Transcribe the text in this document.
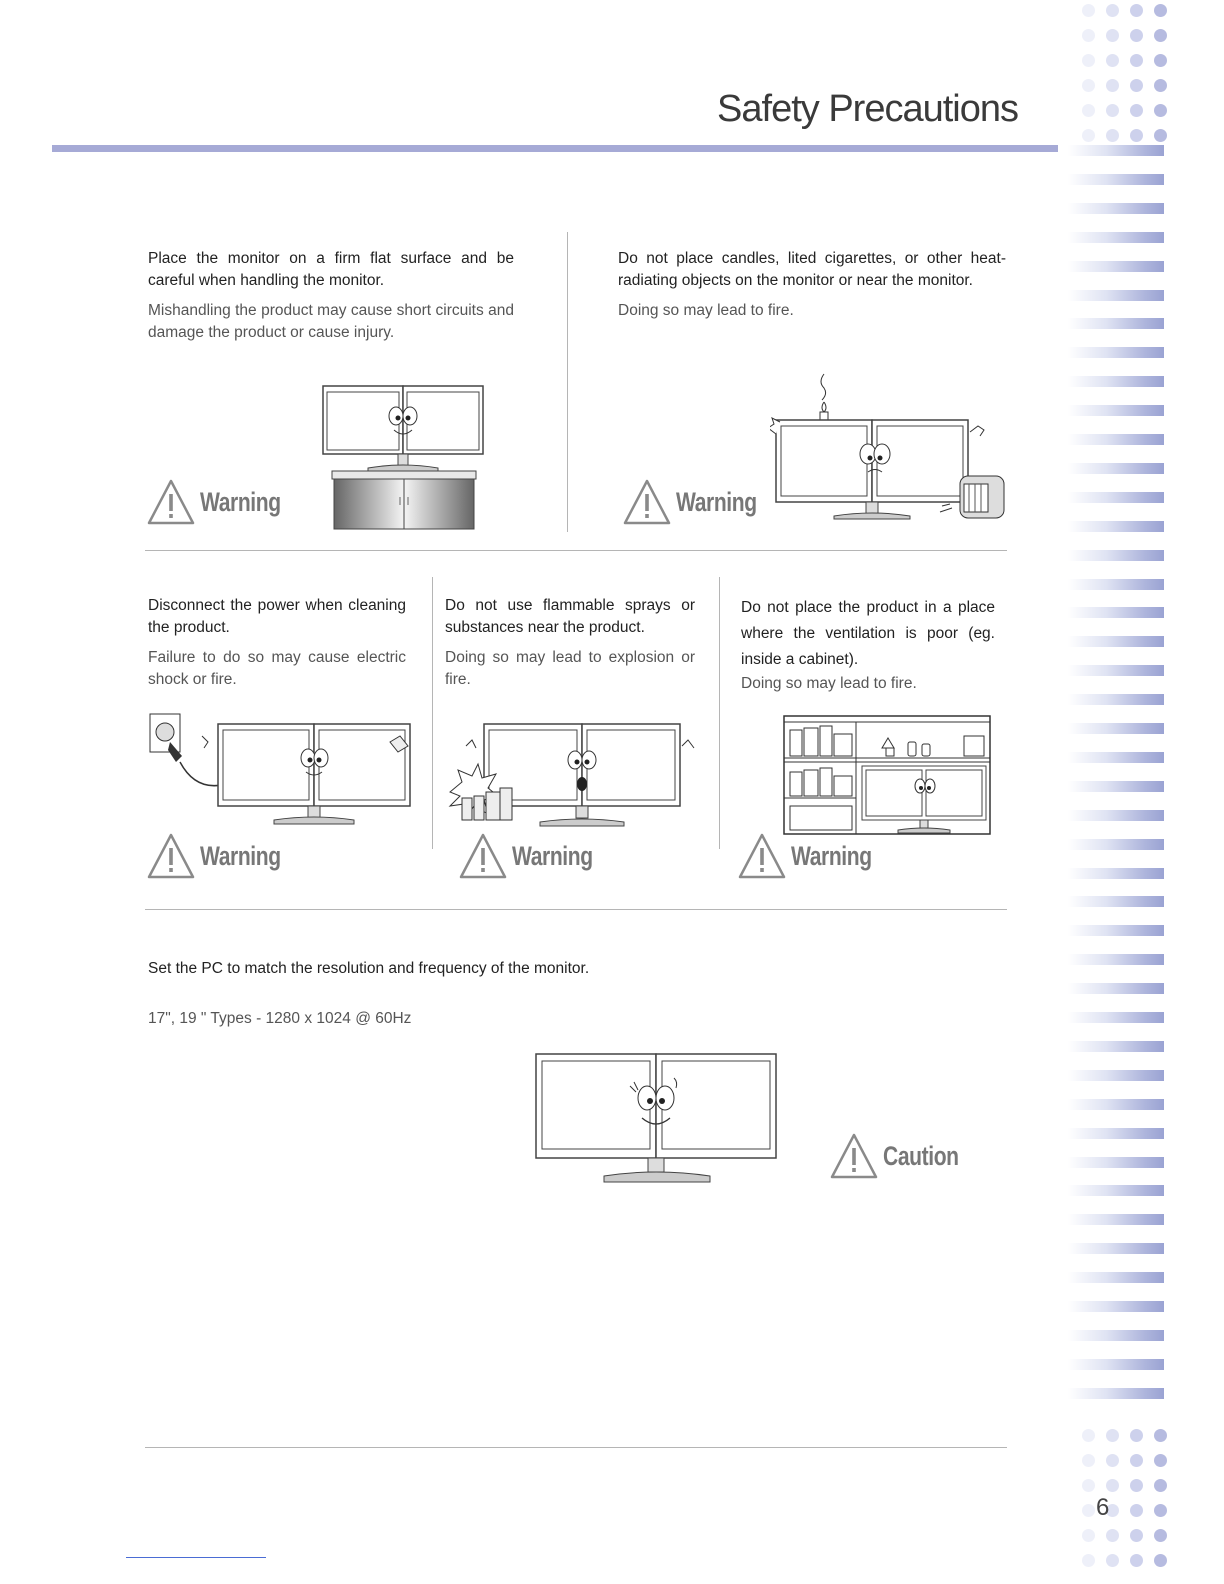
Safety Precautions

Place the monitor on a firm flat surface and be careful when handling the monitor.

Mishandling the product may cause short circuits and damage the product or cause injury.

Do not place candles, lited cigarettes, or other heat-radiating objects on the monitor or near the monitor.

Doing so may lead to fire.

Warning	Warning

Disconnect the power when cleaning the product.

Failure to do so may cause electric shock or fire.

Do not use flammable sprays or substances near the product.

Doing so may lead to explosion or fire.

Do not place the product in a place where the ventilation is poor (eg. inside a cabinet).

Doing so may lead to fire.

Warning	Warning	Warning

Set the PC to match the resolution and frequency of the monitor.

17", 19 " Types - 1280 x 1024 @ 60Hz

Caution
6
